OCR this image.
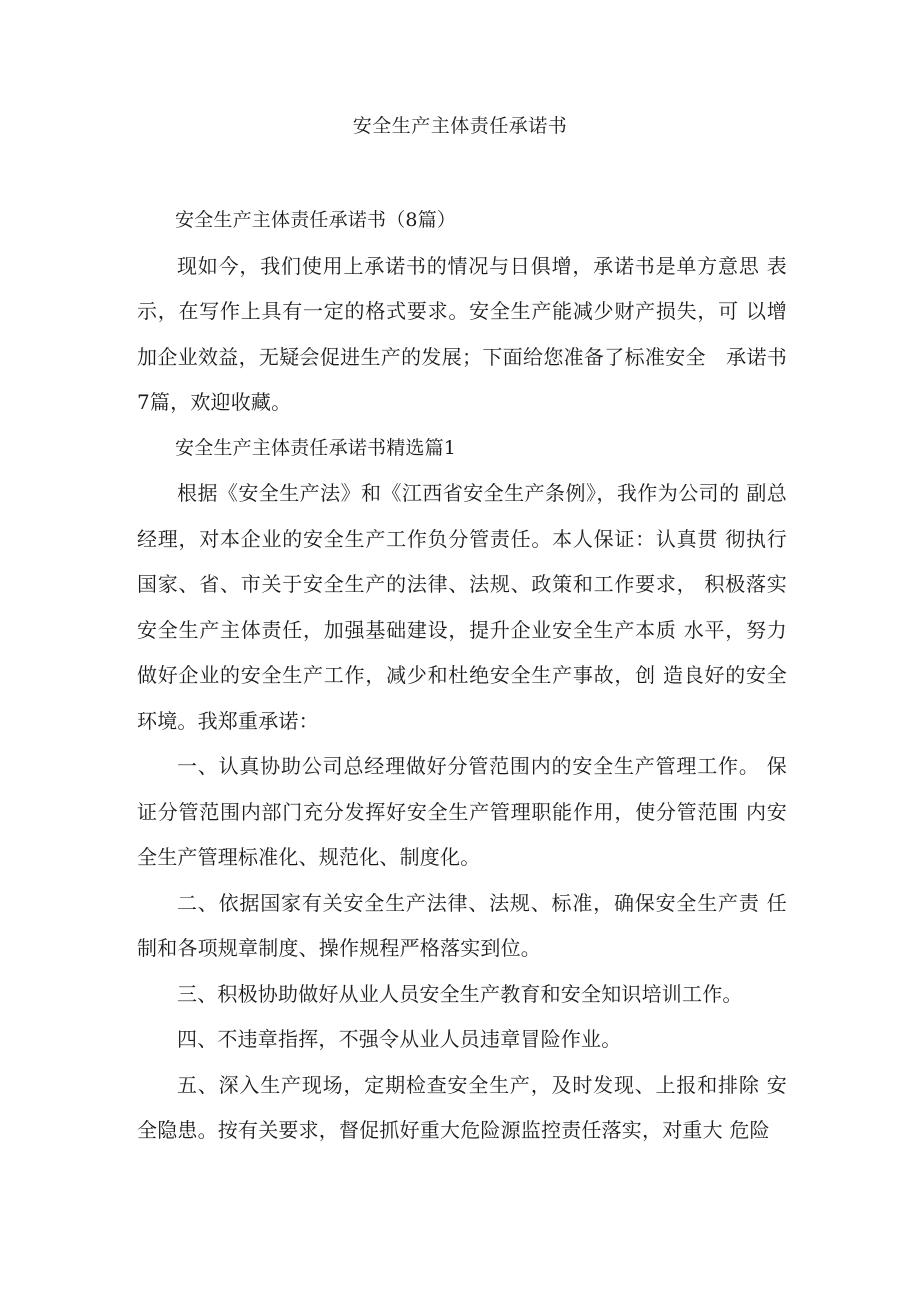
安全生产主体责任承诺书

安全生产主体责任承诺书（8篇）

现如今，我们使用上承诺书的情况与日俱增，承诺书是单方意思 表示，在写作上具有一定的格式要求。安全生产能减少财产损失，可 以增加企业效益，无疑会促进生产的发展；下面给您准备了标准安全　承诺书7篇，欢迎收藏。

安全生产主体责任承诺书精选篇1

根据《安全生产法》和《江西省安全生产条例》，我作为公司的 副总经理，对本企业的安全生产工作负分管责任。本人保证：认真贯 彻执行国家、省、市关于安全生产的法律、法规、政策和工作要求， 积极落实安全生产主体责任，加强基础建设，提升企业安全生产本质 水平，努力做好企业的安全生产工作，减少和杜绝安全生产事故，创 造良好的安全环境。我郑重承诺：

一、认真协助公司总经理做好分管范围内的安全生产管理工作。 保证分管范围内部门充分发挥好安全生产管理职能作用，使分管范围 内安全生产管理标准化、规范化、制度化。

二、依据国家有关安全生产法律、法规、标准，确保安全生产责 任制和各项规章制度、操作规程严格落实到位。

三、积极协助做好从业人员安全生产教育和安全知识培训工作。

四、不违章指挥，不强令从业人员违章冒险作业。

五、深入生产现场，定期检查安全生产，及时发现、上报和排除 安全隐患。按有关要求，督促抓好重大危险源监控责任落实，对重大 危险
